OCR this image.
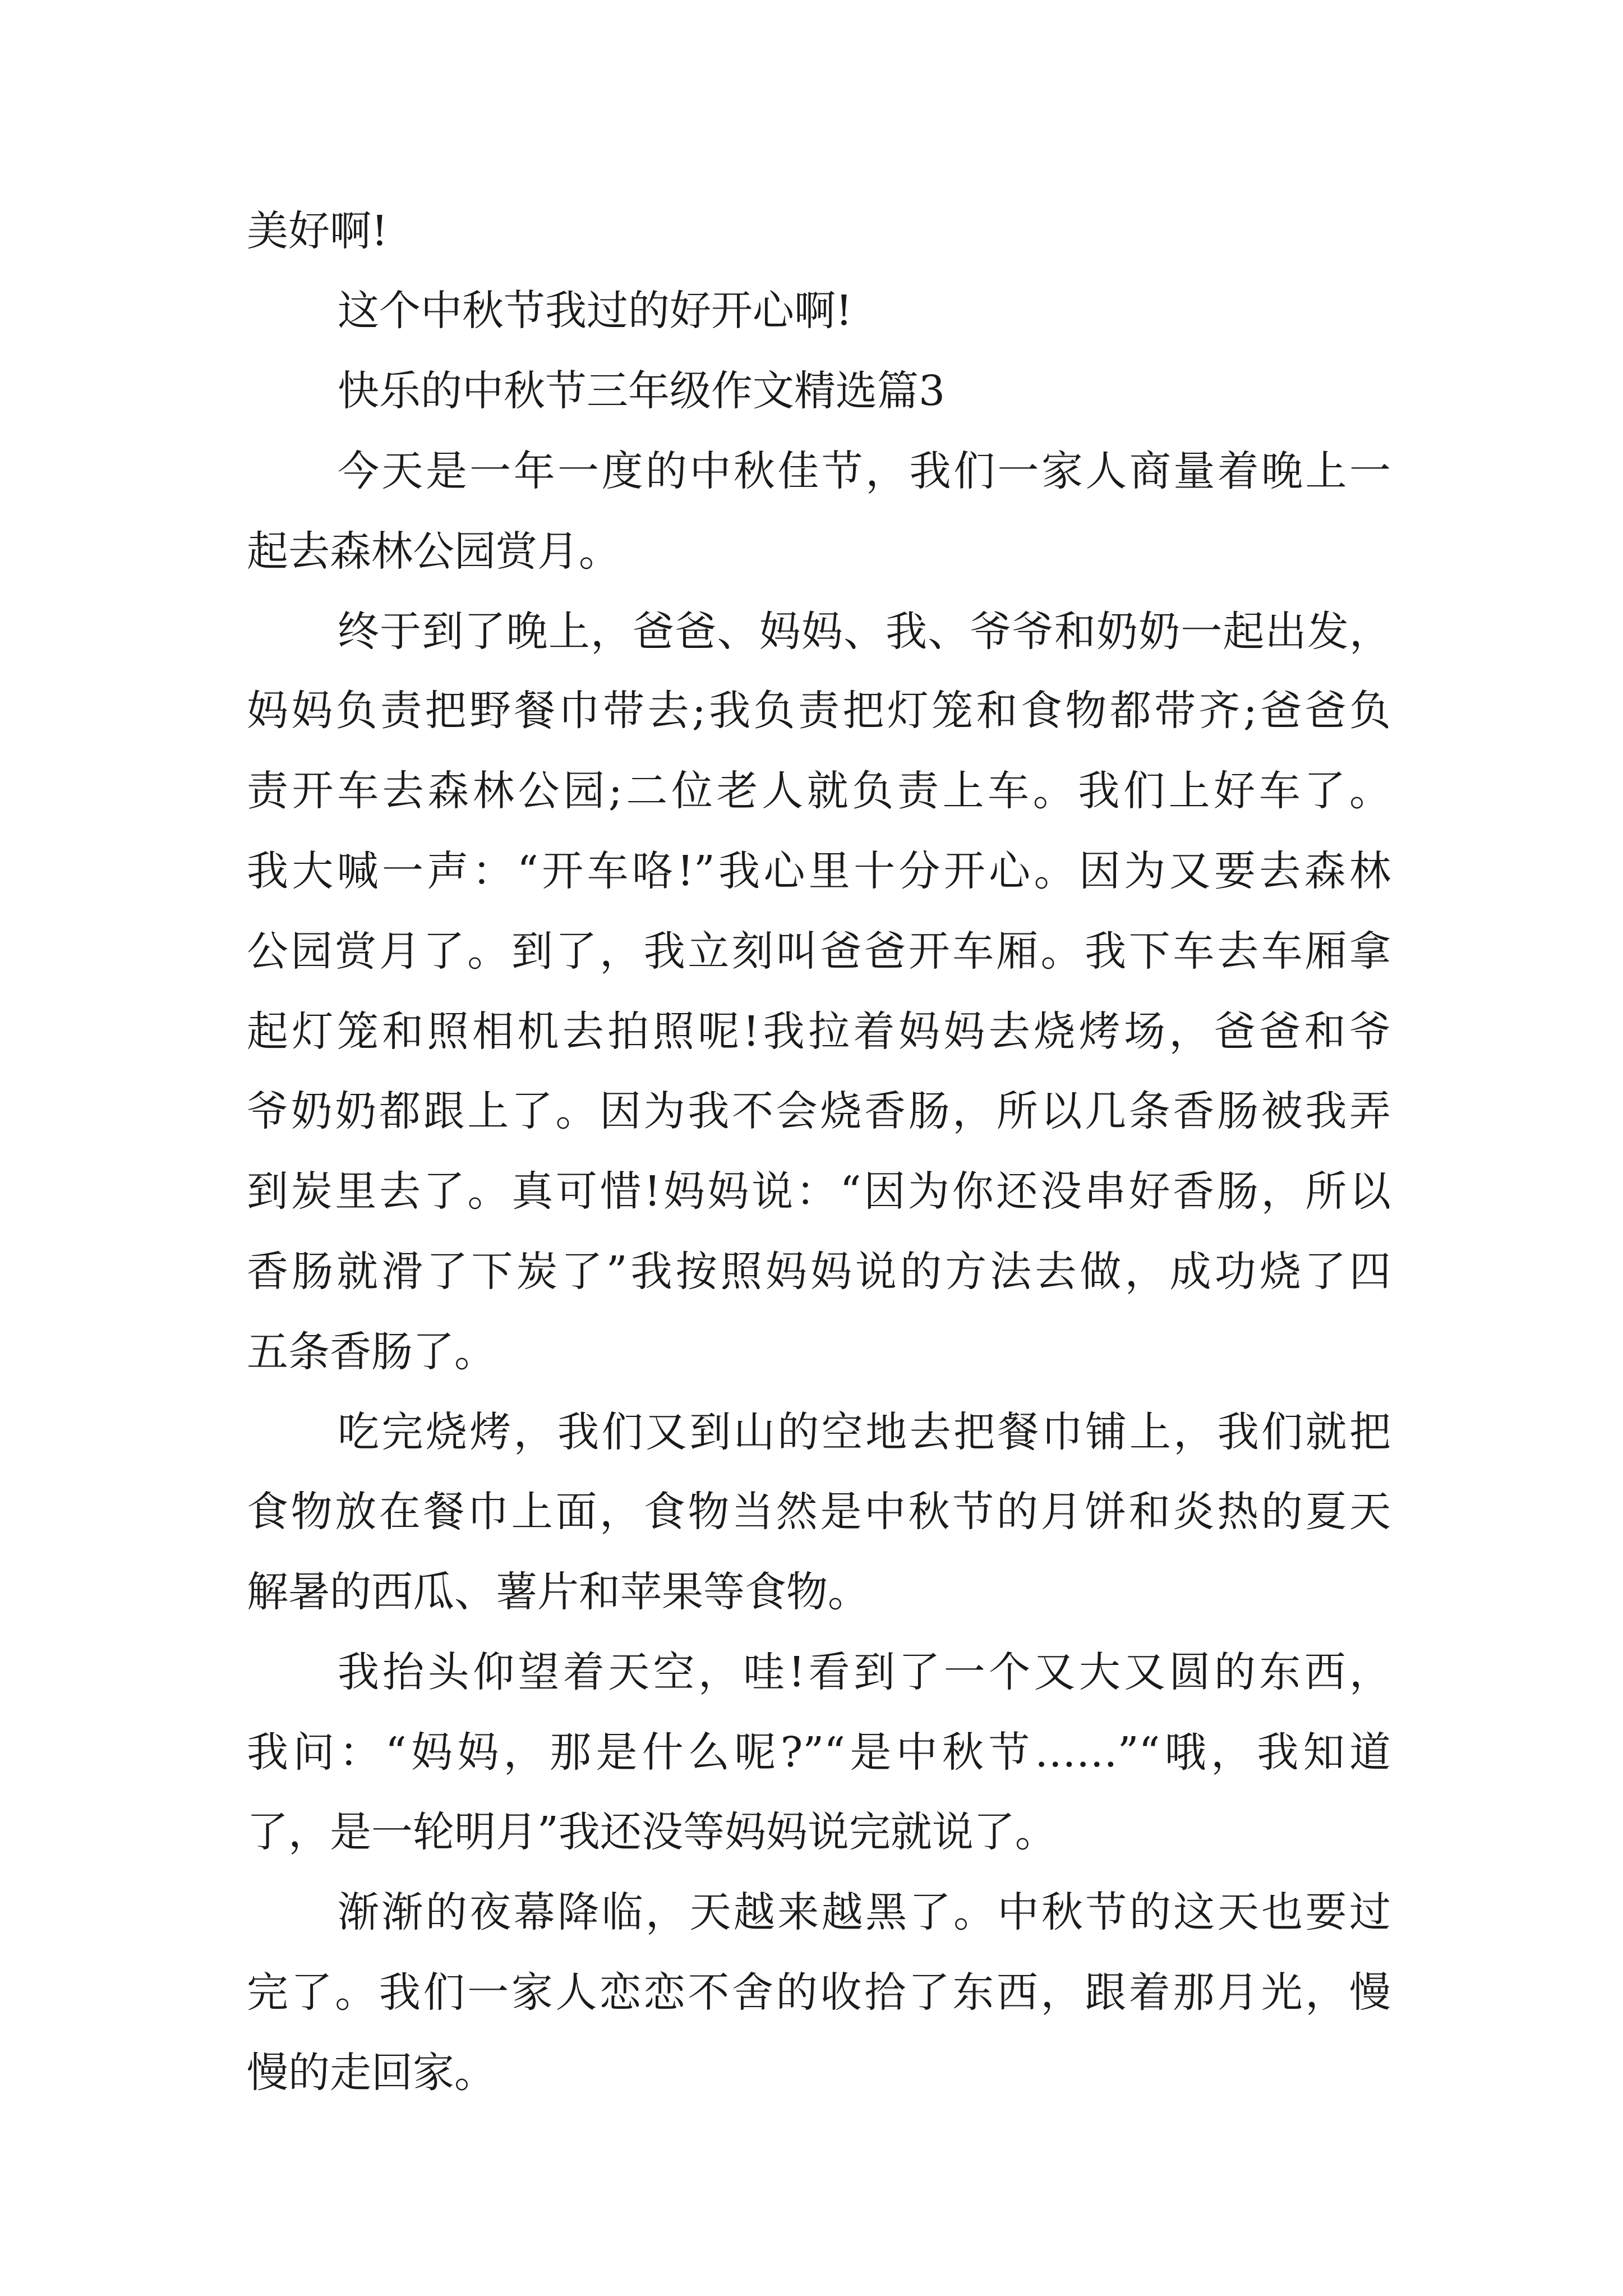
美好啊!
这个中秋节我过的好开心啊!
快乐的中秋节三年级作文精选篇3
今天是一年一度的中秋佳节，我们一家人商量着晚上一
起去森林公园赏月。
终于到了晚上，爸爸、妈妈、我、爷爷和奶奶一起出发，
妈妈负责把野餐巾带去;我负责把灯笼和食物都带齐;爸爸负
责开车去森林公园;二位老人就负责上车。我们上好车了。
我大喊一声：“开车咯!”我心里十分开心。因为又要去森林
公园赏月了。到了，我立刻叫爸爸开车厢。我下车去车厢拿
起灯笼和照相机去拍照呢!我拉着妈妈去烧烤场，爸爸和爷
爷奶奶都跟上了。因为我不会烧香肠，所以几条香肠被我弄
到炭里去了。真可惜!妈妈说：“因为你还没串好香肠，所以
香肠就滑了下炭了”我按照妈妈说的方法去做，成功烧了四
五条香肠了。
吃完烧烤，我们又到山的空地去把餐巾铺上，我们就把
食物放在餐巾上面，食物当然是中秋节的月饼和炎热的夏天
解暑的西瓜、薯片和苹果等食物。
我抬头仰望着天空，哇!看到了一个又大又圆的东西，
我问：“妈妈，那是什么呢?”“是中秋节……”“哦，我知道
了，是一轮明月”我还没等妈妈说完就说了。
渐渐的夜幕降临，天越来越黑了。中秋节的这天也要过
完了。我们一家人恋恋不舍的收拾了东西，跟着那月光，慢
慢的走回家。
